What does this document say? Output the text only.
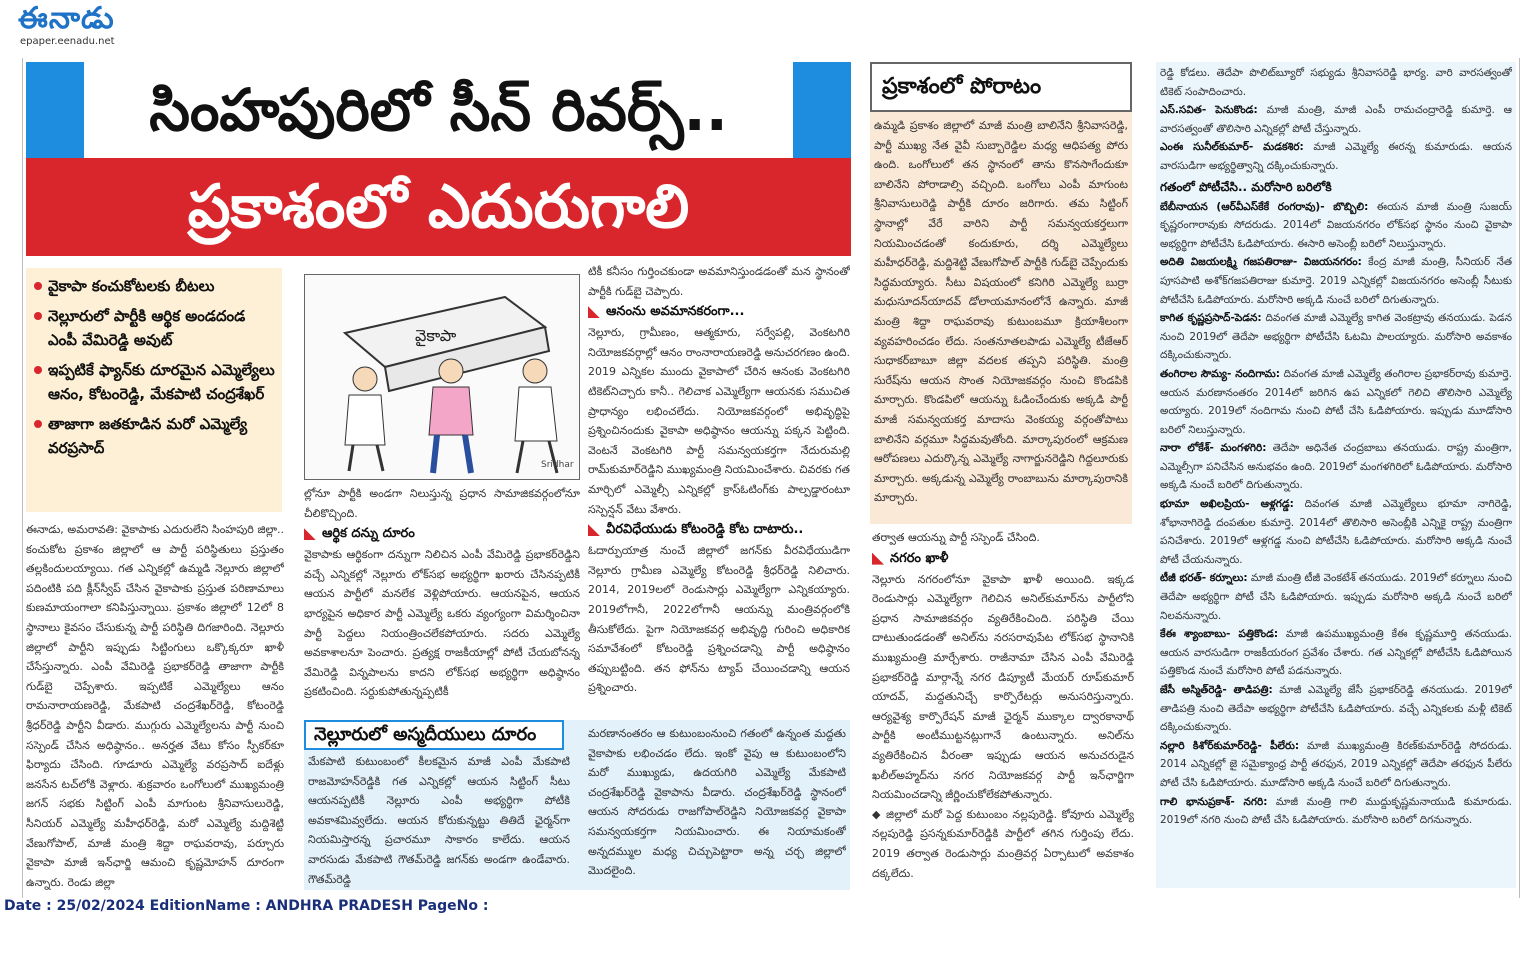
ఈనాడు
epaper.eenadu.net
సింహపురిలో సీన్ రివర్స్..
ప్రకాశంలో ఎదురుగాలి
వైకాపా కంచుకోటలకు బీటలు
నెల్లూరులో పార్టీకి ఆర్థిక అండదండ ఎంపీ వేమిరెడ్డి అవుట్
ఇప్పటికే ఫ్యాన్‌కు దూరమైన ఎమ్మెల్యేలు ఆనం, కోటంరెడ్డి, మేకపాటి చంద్రశేఖర్
తాజాగా జతకూడిన మరో ఎమ్మెల్యే వరప్రసాద్
వైకాపా
Sridhar

ఈనాడు, అమరావతి: వైకాపాకు ఎదురులేని సింహపురి జిల్లా.. కంచుకోట ప్రకాశం జిల్లాలో ఆ పార్టీ పరిస్థితులు ప్రస్తుతం తల్లకిందులయ్యాయి. గత ఎన్నికల్లో ఉమ్మడి నెల్లూరు జిల్లాలో పదింటికి పది క్లీన్‌స్వీప్ చేసిన వైకాపాకు ప్రస్తుత పరిణామాలు కుణమాయంగాలా కనిపిస్తున్నాయి. ప్రకాశం జిల్లాలో 12లో 8 స్థానాలు కైవసం చేసుకున్న పార్టీ పరిస్థితి దిగజారింది. నెల్లూరు జిల్లాలో పార్టీని ఇప్పుడు సిట్టింగులు ఒక్కొక్కరూ ఖాళీ చేసేస్తున్నారు. ఎంపీ వేమిరెడ్డి ప్రభాకర్‌రెడ్డి తాజాగా పార్టీకి గుడ్‌బై చెప్పేశారు. ఇప్పటికే ఎమ్మెల్యేలు ఆనం రామనారాయణరెడ్డి, మేకపాటి చంద్రశేఖర్‌రెడ్డి, కోటంరెడ్డి శ్రీధర్‌రెడ్డి పార్టీని వీడారు. ముగ్గురు ఎమ్మెల్యేలను పార్టీ నుంచి సస్పెండ్ చేసిన అధిష్ఠానం.. అనర్హత వేటు కోసం స్పీకర్‌కూ ఫిర్యాదు చేసింది. గూడూరు ఎమ్మెల్యే వరప్రసాద్ ఐదేళ్లు జనసేన టచ్‌లోకి వెళ్లారు. శుక్రవారం ఒంగోలులో ముఖ్యమంత్రి జగన్ సభకు సిట్టింగ్ ఎంపీ మాగుంట శ్రీనివాసులురెడ్డి, సీనియర్ ఎమ్మెల్యే మహీధర్‌రెడ్డి, మరో ఎమ్మెల్యే మద్దిశెట్టి వేణుగోపాల్, మాజీ మంత్రి శిద్దా రాఘవరావు, పర్చూరు వైకాపా మాజీ ఇన్‌ఛార్జి ఆమంచి కృష్ణమోహన్ దూరంగా ఉన్నారు. రెండు జిల్లా

ల్లోనూ పార్టీకి అండగా నిలుస్తున్న ప్రధాన సామాజికవర్గంలోనూ చీలికొచ్చింది.

ఆర్థిక దన్ను దూరం

వైకాపాకు ఆర్థికంగా దన్నుగా నిలిచిన ఎంపీ వేమిరెడ్డి ప్రభాకర్‌రెడ్డిని వచ్చే ఎన్నికల్లో నెల్లూరు లోక్‌సభ అభ్యర్థిగా ఖరారు చేసినప్పటికీ ఆయన పార్టీలో మనలేక వెళ్లిపోయారు. ఆయనపైన, ఆయన భార్యపైన అధికార పార్టీ ఎమ్మెల్యే ఒకరు వ్యంగ్యంగా విమర్శించినా పార్టీ పెద్దలు నియంత్రించలేకపోయారు. సదరు ఎమ్మెల్యే అవకాశాలనూ పెంచారు. ప్రత్యక్ష రాజకీయాల్లో పోటీ చేయబోనన్న వేమిరెడ్డి విన్నపాలను కాదని లోక్‌సభ అభ్యర్థిగా అధిష్ఠానం ప్రకటించింది. సర్దుకుపోతున్నప్పటికీ

టికీ కనీసం గుర్తించకుండా అవమానిస్తుండడంతో మన స్థానంతో పార్టీకి గుడ్‌బై చెప్పారు.

ఆనంను అవమానకరంగా...

నెల్లూరు, గ్రామీణం, ఆత్మకూరు, సర్వేపల్లి, వెంకటగిరి నియోజకవర్గాల్లో ఆనం రాంనారాయణరెడ్డి అనుచరగణం ఉంది. 2019 ఎన్నికల ముందు వైకాపాలో చేరిన ఆనంకు వెంకటగిరి టికెట్‌నిచ్చారు కానీ.. గెలిచాక ఎమ్మెల్యేగా ఆయనకు సముచిత ప్రాధాన్యం లభించలేదు. నియోజకవర్గంలో అభివృద్ధిపై ప్రశ్నించినందుకు వైకాపా అధిష్ఠానం ఆయన్ను పక్కన పెట్టింది. వెంటనే వెంకటగిరి పార్టీ సమన్వయకర్తగా నేదురుమల్లి రామ్‌కుమార్‌రెడ్డిని ముఖ్యమంత్రి నియమించేశారు. చివరకు గత మార్చిలో ఎమ్మెల్సీ ఎన్నికల్లో క్రాస్‌ఓటింగ్‌కు పాల్పడ్డారంటూ సస్పెన్షన్ వేటు వేశారు.

వీరవిధేయుడు కోటంరెడ్డి కోట దాటారు..

ఓదార్పుయాత్ర నుంచే జిల్లాలో జగన్‌కు వీరవిధేయుడిగా నెల్లూరు గ్రామీణ ఎమ్మెల్యే కోటంరెడ్డి శ్రీధర్‌రెడ్డి నిలిచారు. 2014, 2019లలో రెండుసార్లు ఎమ్మెల్యేగా ఎన్నికయ్యారు. 2019లోగానీ, 2022లోగానీ ఆయన్ను మంత్రివర్గంలోకి తీసుకోలేదు. పైగా నియోజకవర్గ అభివృద్ధి గురించి అధికారిక సమావేశంలో కోటంరెడ్డి ప్రశ్నించడాన్ని పార్టీ అధిష్ఠానం తప్పుబట్టింది. తన ఫోన్‌ను ట్యాప్ చేయించడాన్ని ఆయన ప్రశ్నించారు.

నెల్లూరులో అస్మదీయులు దూరం

మేకపాటి కుటుంబంలో కీలకమైన మాజీ ఎంపీ మేకపాటి రాజమోహన్‌రెడ్డికి గత ఎన్నికల్లో ఆయన సిట్టింగ్ సీటు ఆయనప్పటికీ నెల్లూరు ఎంపీ అభ్యర్థిగా పోటీకి అవకాశమివ్వలేదు. ఆయన కోరుకున్నట్టు తితిదే ఛైర్మన్‌గా నియమిస్తారన్న ప్రచారమూ సాకారం కాలేదు. ఆయన వారసుడు మేకపాటి గౌతమ్‌రెడ్డి జగన్‌కు అండగా ఉండేవారు. గౌతమ్‌రెడ్డి

మరణానంతరం ఆ కుటుంబంనుంచి గతంలో ఉన్నంత మద్దతు వైకాపాకు లభించడం లేదు. ఇంకో వైపు ఆ కుటుంబంలోని మరో ముఖ్యుడు, ఉదయగిరి ఎమ్మెల్యే మేకపాటి చంద్రశేఖర్‌రెడ్డి వైకాపాను వీడారు. చంద్రశేఖర్‌రెడ్డి స్థానంలో ఆయన సోదరుడు రాజగోపాల్‌రెడ్డిని నియోజకవర్గ వైకాపా సమన్వయకర్తగా నియమించారు. ఈ నియామకంతో అన్నదమ్ముల మధ్య చిచ్చుపెట్టారా అన్న చర్చ జిల్లాలో మొదలైంది.

ప్రకాశంలో పోరాటం

ఉమ్మడి ప్రకాశం జిల్లాలో మాజీ మంత్రి బాలినేని శ్రీనివాసరెడ్డి, పార్టీ ముఖ్య నేత వైవీ సుబ్బారెడ్డిల మధ్య ఆధిపత్య పోరు ఉంది. ఒంగోలులో తన స్థానంలో తాను కొనసాగేందుకూ బాలినేని పోరాడాల్సి వచ్చింది. ఒంగోలు ఎంపీ మాగుంట శ్రీనివాసులురెడ్డి పార్టీకి దూరం జరిగారు. తమ సిట్టింగ్ స్థానాల్లో వేరే వారిని పార్టీ సమన్వయకర్తలుగా నియమించడంతో కందుకూరు, దర్శి ఎమ్మెల్యేలు మహీధర్‌రెడ్డి, మద్దిశెట్టి వేణుగోపాల్ పార్టీకి గుడ్‌బై చెప్పేందుకు సిద్ధమయ్యారు. సీటు విషయంలో కనిగిరి ఎమ్మెల్యే బుర్రా మధుసూదన్‌యాదవ్ డోలాయమానంలోనే ఉన్నారు. మాజీ మంత్రి శిద్దా రాఘవరావు కుటుంబమూ క్రియాశీలంగా వ్యవహరించడం లేదు. సంతనూతలపాడు ఎమ్మెల్యే టీజేఆర్ సుధాకర్‌బాబూ జిల్లా వదలక తప్పని పరిస్థితి. మంత్రి సురేష్‌ను ఆయన సొంత నియోజకవర్గం నుంచి కొండపికి మార్చారు. కొండపిలో ఆయన్ను ఓడించేందుకు అక్కడి పార్టీ మాజీ సమన్వయకర్త మాదాసు వెంకయ్య వర్గంతోపాటు బాలినేని వర్గమూ సిద్ధమవుతోంది. మార్కాపురంలో ఆక్రమణ ఆరోపణలు ఎదుర్కొన్న ఎమ్మెల్యే నాగార్జునరెడ్డిని గిద్దలూరుకు మార్చారు. అక్కడున్న ఎమ్మెల్యే రాంబాబును మార్కాపురానికి మార్చారు.

తర్వాత ఆయన్ను పార్టీ సస్పెండ్ చేసింది.

నగరం ఖాళీ

నెల్లూరు నగరంలోనూ వైకాపా ఖాళీ అయింది. ఇక్కడ రెండుసార్లు ఎమ్మెల్యేగా గెలిచిన అనిల్‌కుమార్‌ను పార్టీలోని ప్రధాన సామాజికవర్గం వ్యతిరేకించింది. పరిస్థితి చేయి దాటుతుండడంతో అనిల్‌ను నరసరావుపేట లోక్‌సభ స్థానానికి ముఖ్యమంత్రి మార్చేశారు. రాజీనామా చేసిన ఎంపీ వేమిరెడ్డి ప్రభాకర్‌రెడ్డి మార్గాన్నే నగర డిప్యూటీ మేయర్ రూప్‌కుమార్ యాదవ్, మద్దతునిచ్చే కార్పొరేటర్లు అనుసరిస్తున్నారు. ఆర్యవైశ్య కార్పొరేషన్ మాజీ ఛైర్మన్ ముక్కాల ద్వారకానాథ్ పార్టీకి అంటీముట్టనట్లుగానే ఉంటున్నారు. అనిల్‌ను వ్యతిరేకించిన వీరంతా ఇప్పుడు ఆయన అనుచరుడైన ఖలీల్‌అహ్మద్‌ను నగర నియోజకవర్గ పార్టీ ఇన్‌ఛార్జిగా నియమించడాన్ని జీర్ణించుకోలేకపోతున్నారు.

◆ జిల్లాలో మరో పెద్ద కుటుంబం నల్లపురెడ్డి. కోవూరు ఎమ్మెల్యే నల్లపురెడ్డి ప్రసన్నకుమార్‌రెడ్డికి పార్టీలో తగిన గుర్తింపు లేదు. 2019 తర్వాత రెండుసార్లు మంత్రివర్గ ఏర్పాటులో అవకాశం దక్కలేదు.

రెడ్డి కోడలు. తెదేపా పొలిట్‌బ్యూరో సభ్యుడు శ్రీనివాసరెడ్డి భార్య. వారి వారసత్వంతో టికెట్ సంపాదించారు.

ఎస్.సవిత- పెనుకొండ: మాజీ మంత్రి, మాజీ ఎంపీ రామచంద్రారెడ్డి కుమార్తె. ఆ వారసత్వంతో తొలిసారి ఎన్నికల్లో పోటీ చేస్తున్నారు.

ఎంఈ సునీల్‌కుమార్- మడకశిర: మాజీ ఎమ్మెల్యే ఈరన్న కుమారుడు. ఆయన వారసుడిగా అభ్యర్థిత్వాన్ని దక్కించుకున్నారు.

గతంలో పోటీచేసి.. మరోసారి బరిలోకి

బేబీనాయన (ఆర్‌వీఎస్‌కేకే రంగరావు)- బొబ్బిలి: ఈయన మాజీ మంత్రి సుజయ్ కృష్ణరంగారావుకు సోదరుడు. 2014లో విజయనగరం లోక్‌సభ స్థానం నుంచి వైకాపా అభ్యర్థిగా పోటీచేసి ఓడిపోయారు. ఈసారి అసెంబ్లీ బరిలో నిలుస్తున్నారు.

అదితి విజయలక్ష్మి గజపతిరాజు- విజయనగరం: కేంద్ర మాజీ మంత్రి, సీనియర్ నేత పూసపాటి అశోక్‌గజపతిరాజు కుమార్తె. 2019 ఎన్నికల్లో విజయనగరం అసెంబ్లీ సీటుకు పోటీచేసి ఓడిపోయారు. మరోసారి అక్కడి నుంచే బరిలో దిగుతున్నారు.

కాగిత కృష్ణప్రసాద్-పెడన: దివంగత మాజీ ఎమ్మెల్యే కాగిత వెంకట్రావు తనయుడు. పెడన నుంచి 2019లో తెదేపా అభ్యర్థిగా పోటీచేసి ఓటమి పాలయ్యారు. మరోసారి అవకాశం దక్కించుకున్నారు.

తంగిరాల సౌమ్య- నందిగామ: దివంగత మాజీ ఎమ్మెల్యే తంగిరాల ప్రభాకర్‌రావు కుమార్తె. ఆయన మరణానంతరం 2014లో జరిగిన ఉప ఎన్నికలో గెలిచి తొలిసారి ఎమ్మెల్యే అయ్యారు. 2019లో నందిగామ నుంచి పోటీ చేసి ఓడిపోయారు. ఇప్పుడు మూడోసారి బరిలో నిలుస్తున్నారు.

నారా లోకేశ్- మంగళగిరి: తెదేపా అధినేత చంద్రబాబు తనయుడు. రాష్ట్ర మంత్రిగా, ఎమ్మెల్సీగా పనిచేసిన అనుభవం ఉంది. 2019లో మంగళగిరిలో ఓడిపోయారు. మరోసారి అక్కడి నుంచే బరిలో దిగుతున్నారు.

భూమా అఖిలప్రియ- ఆళ్లగడ్డ: దివంగత మాజీ ఎమ్మెల్యేలు భూమా నాగిరెడ్డి, శోభానాగిరెడ్డి దంపతుల కుమార్తె. 2014లో తొలిసారి అసెంబ్లీకి ఎన్నికై రాష్ట్ర మంత్రిగా పనిచేశారు. 2019లో ఆళ్లగడ్డ నుంచి పోటీచేసి ఓడిపోయారు. మరోసారి అక్కడి నుంచే పోటీ చేయనున్నారు.

టీజీ భరత్- కర్నూలు: మాజీ మంత్రి టీజీ వెంకటేశ్ తనయుడు. 2019లో కర్నూలు నుంచి తెదేపా అభ్యర్థిగా పోటీ చేసి ఓడిపోయారు. ఇప్పుడు మరోసారి అక్కడి నుంచే బరిలో నిలవనున్నారు.

కేఈ శ్యాంబాబు- పత్తికొండ: మాజీ ఉపముఖ్యమంత్రి కేఈ కృష్ణమూర్తి తనయుడు. ఆయన వారసుడిగా రాజకీయరంగ ప్రవేశం చేశారు. గత ఎన్నికల్లో పోటీచేసి ఓడిపోయిన పత్తికొండ నుంచే మరోసారి పోటీ పడనున్నారు.

జేసీ అస్మిత్‌రెడ్డి- తాడిపత్రి: మాజీ ఎమ్మెల్యే జేసీ ప్రభాకర్‌రెడ్డి తనయుడు. 2019లో తాడిపత్రి నుంచి తెదేపా అభ్యర్థిగా పోటీచేసి ఓడిపోయారు. వచ్చే ఎన్నికలకు మళ్లీ టికెట్ దక్కించుకున్నారు.

నల్లారి కిశోర్‌కుమార్‌రెడ్డి- పీలేరు: మాజీ ముఖ్యమంత్రి కిరణ్‌కుమార్‌రెడ్డి సోదరుడు. 2014 ఎన్నికల్లో జై సమైక్యాంధ్ర పార్టీ తరఫున, 2019 ఎన్నికల్లో తెదేపా తరఫున పీలేరు పోటీ చేసి ఓడిపోయారు. మూడోసారి అక్కడి నుంచే బరిలో దిగుతున్నారు.

గాలి భానుప్రకాశ్- నగరి: మాజీ మంత్రి గాలి ముద్దుకృష్ణమనాయుడి కుమారుడు. 2019లో నగరి నుంచి పోటీ చేసి ఓడిపోయారు. మరోసారి బరిలో దిగనున్నారు.

Date : 25/02/2024 EditionName : ANDHRA PRADESH PageNo :
